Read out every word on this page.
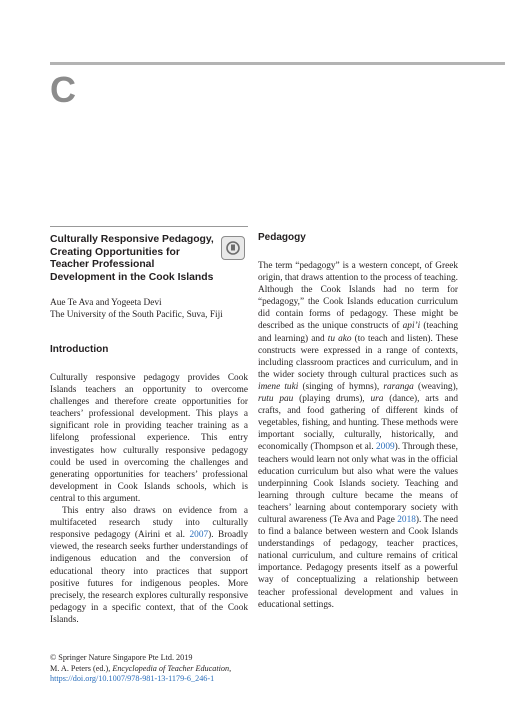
C
Culturally Responsive Pedagogy, Creating Opportunities for Teacher Professional Development in the Cook Islands
Aue Te Ava and Yogeeta Devi
The University of the South Pacific, Suva, Fiji
Introduction

Culturally responsive pedagogy provides Cook Islands teachers an opportunity to overcome challenges and therefore create opportunities for teachers’ professional development. This plays a significant role in providing teacher training as a lifelong professional experience. This entry investigates how culturally responsive pedagogy could be used in overcoming the challenges and generating opportunities for teachers’ professional development in Cook Islands schools, which is central to this argument.

This entry also draws on evidence from a multifaceted research study into culturally responsive pedagogy (Airini et al. 2007). Broadly viewed, the research seeks further understandings of indigenous education and the conversion of educational theory into practices that support positive futures for indigenous peoples. More precisely, the research explores culturally responsive pedagogy in a specific context, that of the Cook Islands.

Pedagogy

The term “pedagogy” is a western concept, of Greek origin, that draws attention to the process of teaching. Although the Cook Islands had no term for “pedagogy,” the Cook Islands education curriculum did contain forms of pedagogy. These might be described as the unique constructs of api’i (teaching and learning) and tu ako (to teach and listen). These constructs were expressed in a range of contexts, including classroom practices and curriculum, and in the wider society through cultural practices such as imene tuki (singing of hymns), raranga (weaving), rutu pau (playing drums), ura (dance), arts and crafts, and food gathering of different kinds of vegetables, fishing, and hunting. These methods were important socially, culturally, historically, and economically (Thompson et al. 2009). Through these, teachers would learn not only what was in the official education curriculum but also what were the values underpinning Cook Islands society. Teaching and learning through culture became the means of teachers’ learning about contemporary society with cultural awareness (Te Ava and Page 2018). The need to find a balance between western and Cook Islands understandings of pedagogy, teacher practices, national curriculum, and culture remains of critical importance. Pedagogy presents itself as a powerful way of conceptualizing a relationship between teacher professional development and values in educational settings.

© Springer Nature Singapore Pte Ltd. 2019
M. A. Peters (ed.), Encyclopedia of Teacher Education,
https://doi.org/10.1007/978-981-13-1179-6_246-1
